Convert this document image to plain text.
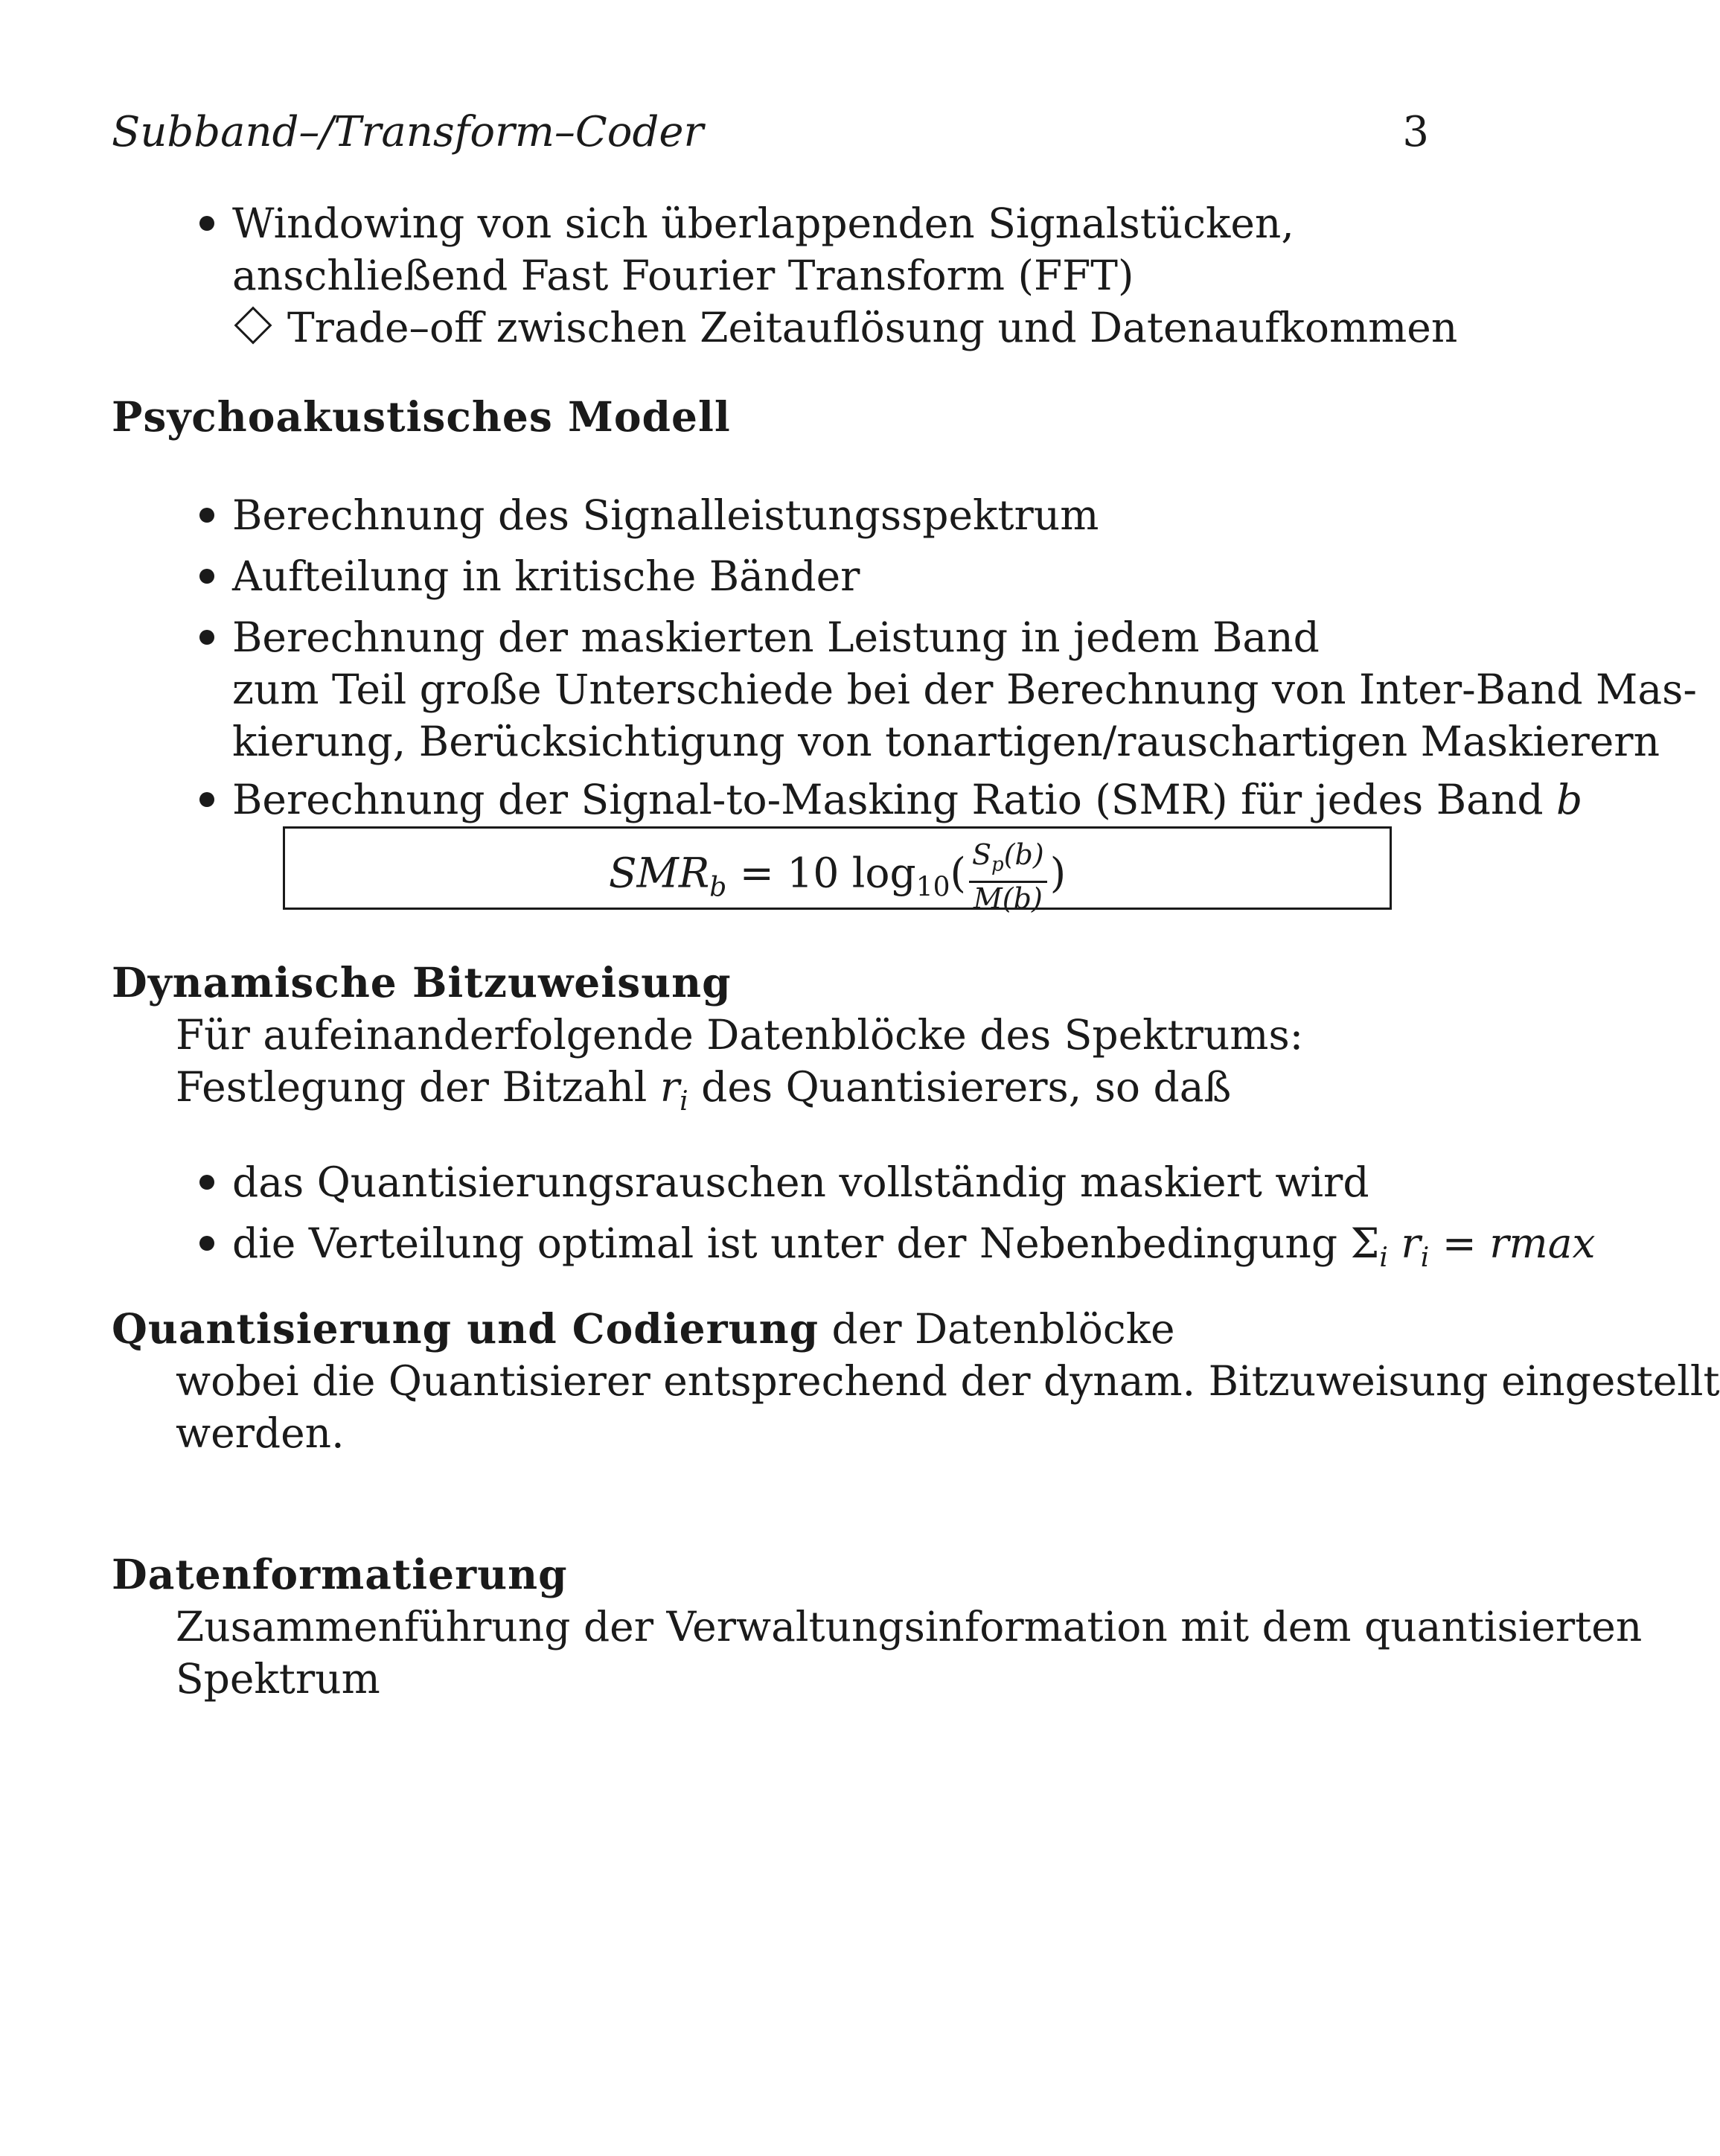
Subband–/Transform–Coder	3
Windowing von sich überlappenden Signalstücken,
anschließend Fast Fourier Transform (FFT)
Trade–off zwischen Zeitauflösung und Datenaufkommen
Psychoakustisches Modell
Berechnung des Signalleistungsspektrum
Aufteilung in kritische Bänder
Berechnung der maskierten Leistung in jedem Band
zum Teil große Unterschiede bei der Berechnung von Inter-Band Mas-
kierung, Berücksichtigung von tonartigen/rauschartigen Maskierern
Berechnung der Signal-to-Masking Ratio (SMR) für jedes Band b
$SMR_b = 10$ $\log_{10}( \frac{S_p(b)}{M(b)}$ )
Dynamische Bitzuweisung
Für aufeinanderfolgende Datenblöcke des Spektrums:
Festlegung der Bitzahl $r_i$ des Quantisierers, so daß
das Quantisierungsrauschen vollständig maskiert wird
die Verteilung optimal ist unter der Nebenbedingung $\Sigma_i$ $r_i = rmax$
Quantisierung und Codierung der Datenblöcke
wobei die Quantisierer entsprechend der dynam. Bitzuweisung eingestellt
werden.
Datenformatierung
Zusammenführung der Verwaltungsinformation mit dem quantisierten
Spektrum
